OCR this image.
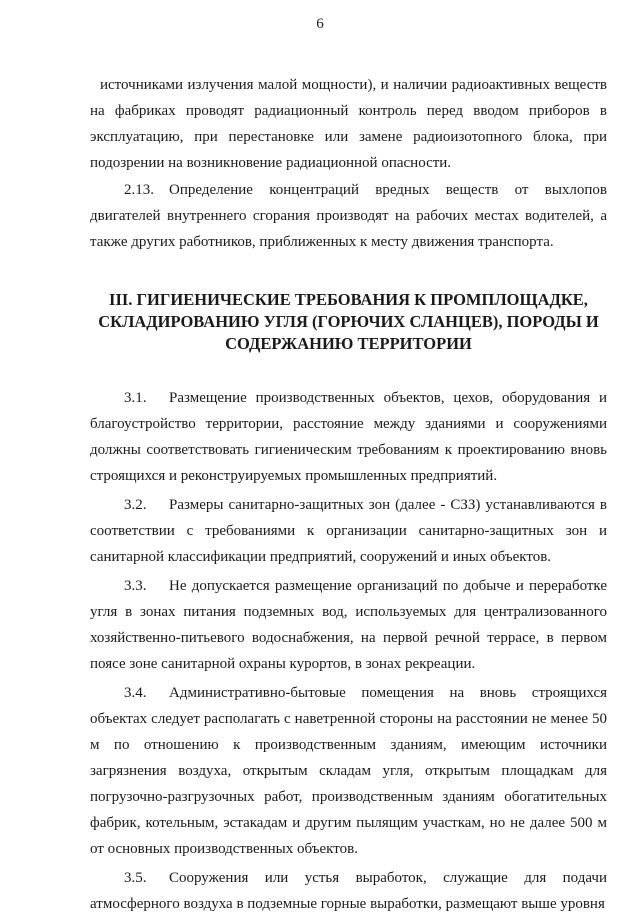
6

источниками излучения малой мощности), и наличии радиоактивных веществ на фабриках проводят радиационный контроль перед вводом приборов в эксплуатацию, при перестановке или замене радиоизотопного блока, при подозрении на возникновение радиационной опасности.

2.13. Определение концентраций вредных веществ от выхлопов двигателей внутреннего сгорания производят на рабочих местах водителей, а также других работников, приближенных к месту движения транспорта.

III. ГИГИЕНИЧЕСКИЕ ТРЕБОВАНИЯ К ПРОМПЛОЩАДКЕ,
СКЛАДИРОВАНИЮ УГЛЯ (ГОРЮЧИХ СЛАНЦЕВ), ПОРОДЫ И
СОДЕРЖАНИЮ ТЕРРИТОРИИ

3.1. Размещение производственных объектов, цехов, оборудования и благоустройство территории, расстояние между зданиями и сооружениями должны соответствовать гигиеническим требованиям к проектированию вновь строящихся и реконструируемых промышленных предприятий.

3.2. Размеры санитарно-защитных зон (далее - СЗЗ) устанавливаются в соответствии с требованиями к организации санитарно-защитных зон и санитарной классификации предприятий, сооружений и иных объектов.

3.3. Не допускается размещение организаций по добыче и переработке угля в зонах питания подземных вод, используемых для централизованного хозяйственно-питьевого водоснабжения, на первой речной террасе, в первом поясе зоне санитарной охраны курортов, в зонах рекреации.

3.4. Административно-бытовые помещения на вновь строящихся объектах следует располагать с наветренной стороны на расстоянии не менее 50 м по отношению к производственным зданиям, имеющим источники загрязнения воздуха, открытым складам угля, открытым площадкам для погрузочно-разгрузочных работ, производственным зданиям обогатительных фабрик, котельным, эстакадам и другим пылящим участкам, но не далее 500 м от основных производственных объектов.

3.5. Сооружения или устья выработок, служащие для подачи атмосферного воздуха в подземные горные выработки, размещают выше уровня
